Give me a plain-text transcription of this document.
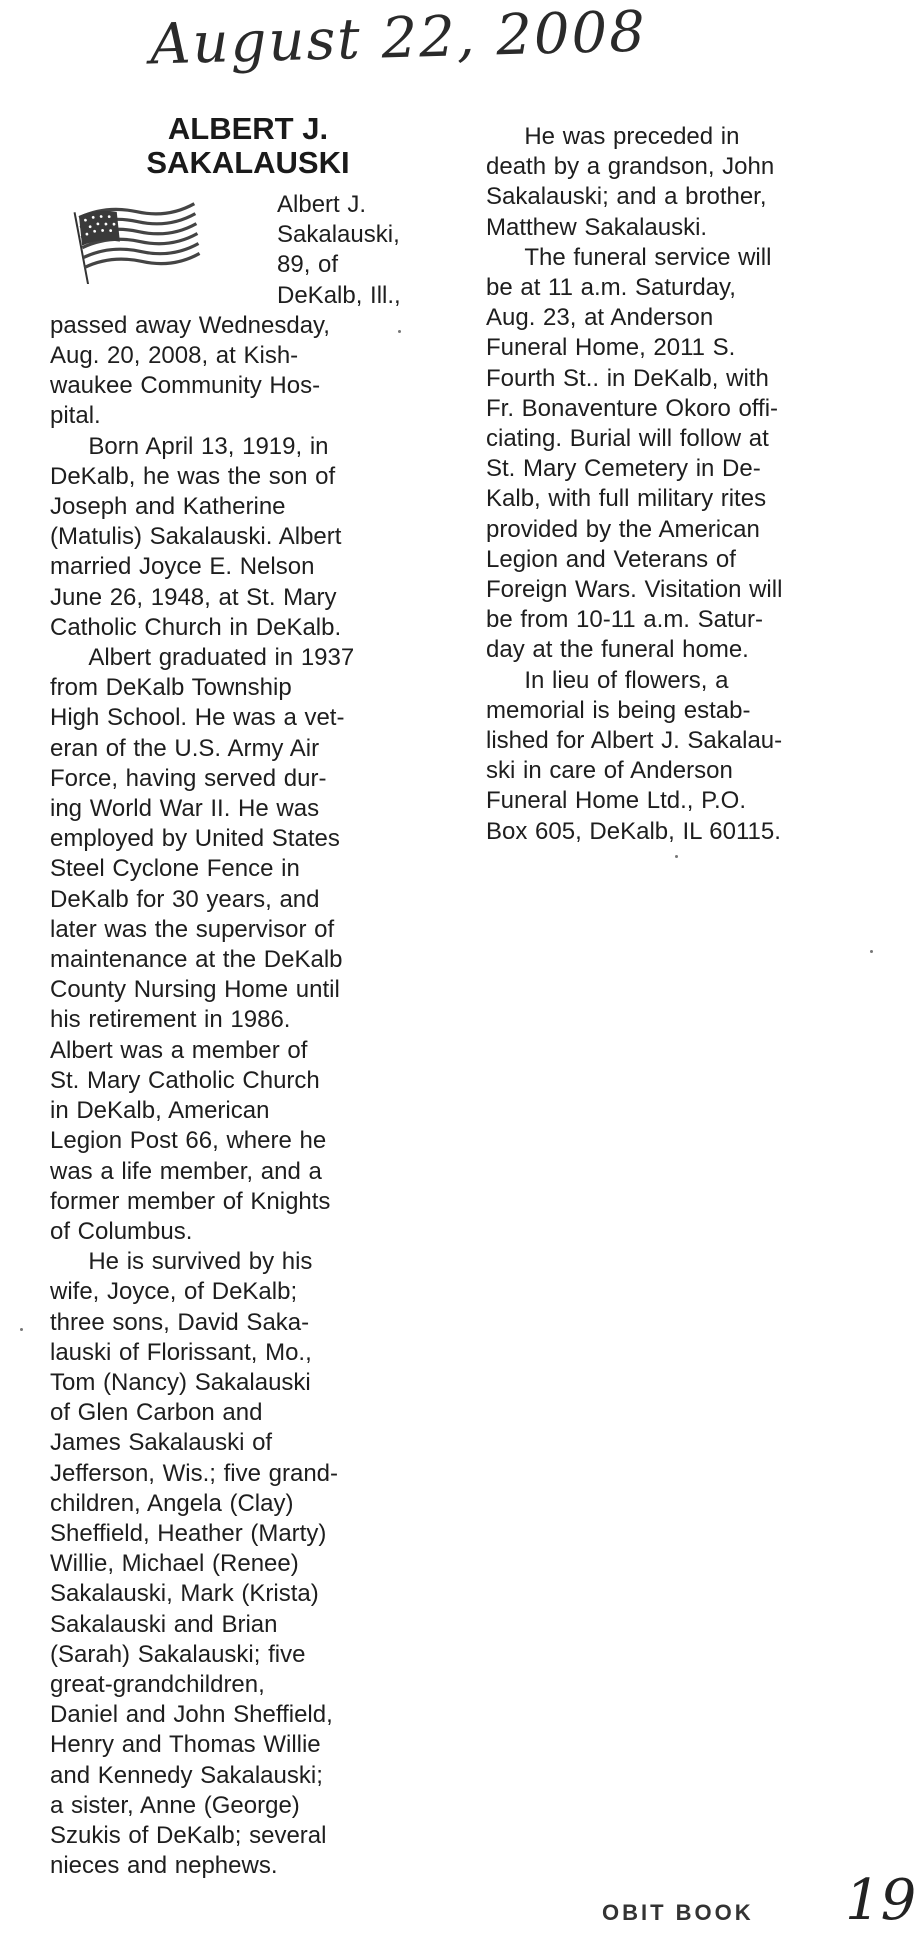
August 22, 2008
ALBERT J.
SAKALAUSKI
Albert J.
Sakalauski,
89, of
DeKalb, Ill.,
passed away Wednesday,
Aug. 20, 2008, at Kish-
waukee Community Hos-
pital.
Born April 13, 1919, in
DeKalb, he was the son of
Joseph and Katherine
(Matulis) Sakalauski. Albert
married Joyce E. Nelson
June 26, 1948, at St. Mary
Catholic Church in DeKalb.
Albert graduated in 1937
from DeKalb Township
High School. He was a vet-
eran of the U.S. Army Air
Force, having served dur-
ing World War II. He was
employed by United States
Steel Cyclone Fence in
DeKalb for 30 years, and
later was the supervisor of
maintenance at the DeKalb
County Nursing Home until
his retirement in 1986.
Albert was a member of
St. Mary Catholic Church
in DeKalb, American
Legion Post 66, where he
was a life member, and a
former member of Knights
of Columbus.
He is survived by his
wife, Joyce, of DeKalb;
three sons, David Saka-
lauski of Florissant, Mo.,
Tom (Nancy) Sakalauski
of Glen Carbon and
James Sakalauski of
Jefferson, Wis.; five grand-
children, Angela (Clay)
Sheffield, Heather (Marty)
Willie, Michael (Renee)
Sakalauski, Mark (Krista)
Sakalauski and Brian
(Sarah) Sakalauski; five
great-grandchildren,
Daniel and John Sheffield,
Henry and Thomas Willie
and Kennedy Sakalauski;
a sister, Anne (George)
Szukis of DeKalb; several
nieces and nephews.
He was preceded in
death by a grandson, John
Sakalauski; and a brother,
Matthew Sakalauski.
The funeral service will
be at 11 a.m. Saturday,
Aug. 23, at Anderson
Funeral Home, 2011 S.
Fourth St.. in DeKalb, with
Fr. Bonaventure Okoro offi-
ciating. Burial will follow at
St. Mary Cemetery in De-
Kalb, with full military rites
provided by the American
Legion and Veterans of
Foreign Wars. Visitation will
be from 10-11 a.m. Satur-
day at the funeral home.
In lieu of flowers, a
memorial is being estab-
lished for Albert J. Sakalau-
ski in care of Anderson
Funeral Home Ltd., P.O.
Box 605, DeKalb, IL 60115.
OBIT BOOK 19
